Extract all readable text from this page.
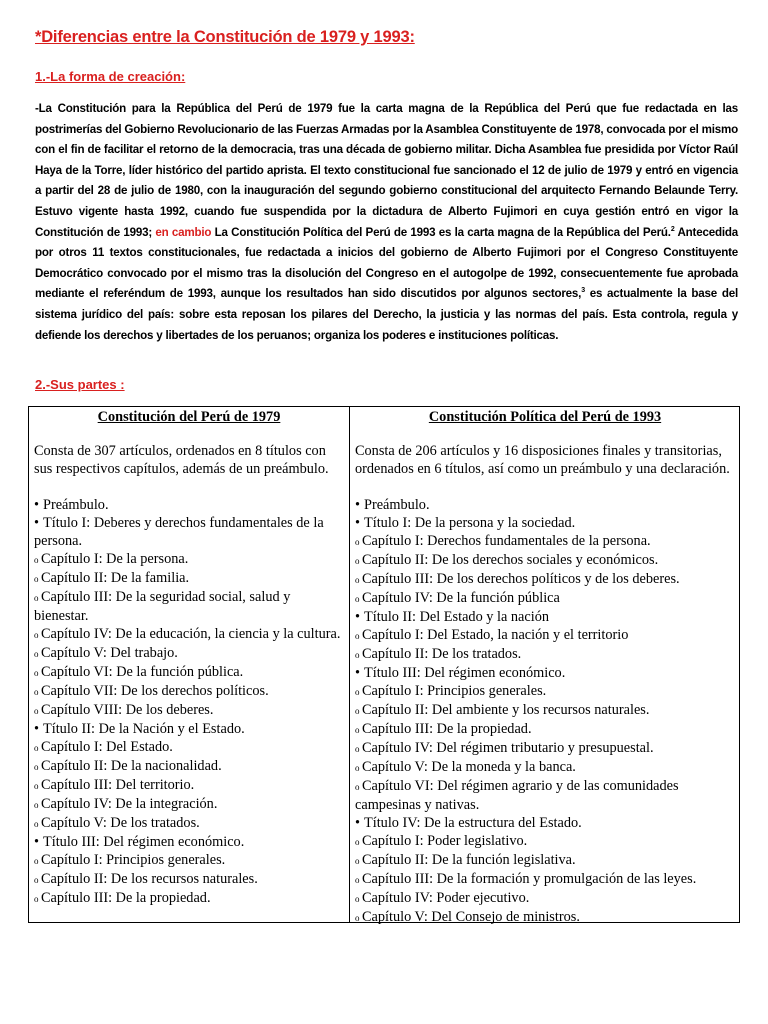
*Diferencias entre la Constitución de 1979 y 1993:
1.-La forma de creación:
-La Constitución para la República del Perú de 1979 fue la carta magna de la República del Perú que fue redactada en las postrimerías del Gobierno Revolucionario de las Fuerzas Armadas por la Asamblea Constituyente de 1978, convocada por el mismo con el fin de facilitar el retorno de la democracia, tras una década de gobierno militar. Dicha Asamblea fue presidida por Víctor Raúl Haya de la Torre, líder histórico del partido aprista. El texto constitucional fue sancionado el 12 de julio de 1979 y entró en vigencia a partir del 28 de julio de 1980, con la inauguración del segundo gobierno constitucional del arquitecto Fernando Belaunde Terry. Estuvo vigente hasta 1992, cuando fue suspendida por la dictadura de Alberto Fujimori en cuya gestión entró en vigor la Constitución de 1993; en cambio La Constitución Política del Perú de 1993 es la carta magna de la República del Perú.$^2$ Antecedida por otros 11 textos constitucionales, fue redactada a inicios del gobierno de Alberto Fujimori por el Congreso Constituyente Democrático convocado por el mismo tras la disolución del Congreso en el autogolpe de 1992, consecuentemente fue aprobada mediante el referéndum de 1993, aunque los resultados han sido discutidos por algunos sectores,$^3$ es actualmente la base del sistema jurídico del país: sobre esta reposan los pilares del Derecho, la justicia y las normas del país. Esta controla, regula y defiende los derechos y libertades de los peruanos; organiza los poderes e instituciones políticas.
2.-Sus partes :
Constitución del Perú de 1979
Consta de 307 artículos, ordenados en 8 títulos con sus respectivos capítulos, además de un preámbulo.
• Preámbulo.
• Título I: Deberes y derechos fundamentales de la persona.
o Capítulo I: De la persona.
o Capítulo II: De la familia.
o Capítulo III: De la seguridad social, salud y bienestar.
o Capítulo IV: De la educación, la ciencia y la cultura.
o Capítulo V: Del trabajo.
o Capítulo VI: De la función pública.
o Capítulo VII: De los derechos políticos.
o Capítulo VIII: De los deberes.
• Título II: De la Nación y el Estado.
o Capítulo I: Del Estado.
o Capítulo II: De la nacionalidad.
o Capítulo III: Del territorio.
o Capítulo IV: De la integración.
o Capítulo V: De los tratados.
• Título III: Del régimen económico.
o Capítulo I: Principios generales.
o Capítulo II: De los recursos naturales.
o Capítulo III: De la propiedad.
Constitución Política del Perú de 1993
Consta de 206 artículos y 16 disposiciones finales y transitorias, ordenados en 6 títulos, así como un preámbulo y una declaración.
• Preámbulo.
• Título I: De la persona y la sociedad.
o Capítulo I: Derechos fundamentales de la persona.
o Capítulo II: De los derechos sociales y económicos.
o Capítulo III: De los derechos políticos y de los deberes.
o Capítulo IV: De la función pública
• Título II: Del Estado y la nación
o Capítulo I: Del Estado, la nación y el territorio
o Capítulo II: De los tratados.
• Título III: Del régimen económico.
o Capítulo I: Principios generales.
o Capítulo II: Del ambiente y los recursos naturales.
o Capítulo III: De la propiedad.
o Capítulo IV: Del régimen tributario y presupuestal.
o Capítulo V: De la moneda y la banca.
o Capítulo VI: Del régimen agrario y de las comunidades campesinas y nativas.
• Título IV: De la estructura del Estado.
o Capítulo I: Poder legislativo.
o Capítulo II: De la función legislativa.
o Capítulo III: De la formación y promulgación de las leyes.
o Capítulo IV: Poder ejecutivo.
o Capítulo V: Del Consejo de ministros.
